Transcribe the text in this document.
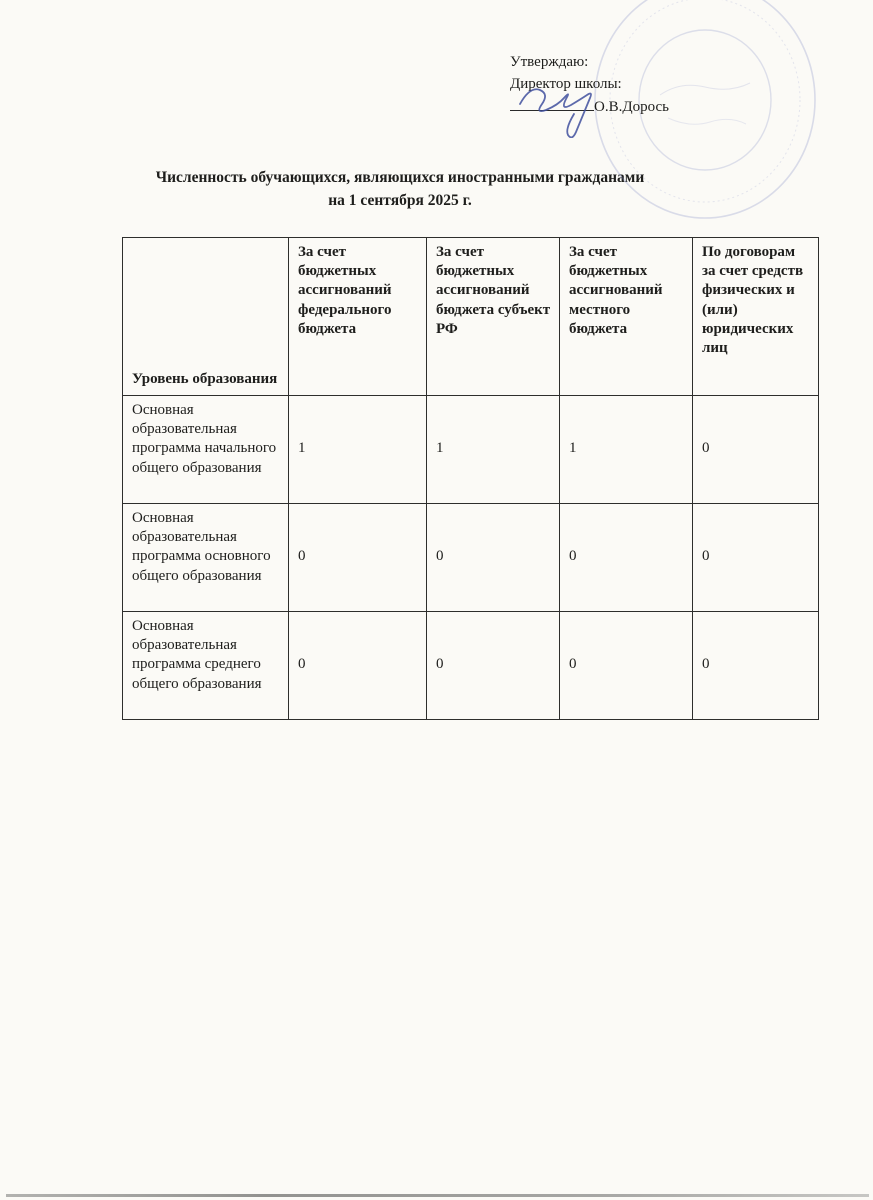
Утверждаю:
Директор школы:
О.В.Дорось
Численность обучающихся, являющихся иностранными гражданами
на 1 сентября 2025 г.
Уровень образования	За счет бюджетных ассигнований федерального бюджета	За счет бюджетных ассигнований бюджета субъект РФ	За счет бюджетных ассигнований местного бюджета	По договорам за счет средств физических и (или) юридических лиц
Основная образовательная программа начального общего образования	1	1	1	0
Основная образовательная программа основного общего образования	0	0	0	0
Основная образовательная программа среднего общего образования	0	0	0	0
